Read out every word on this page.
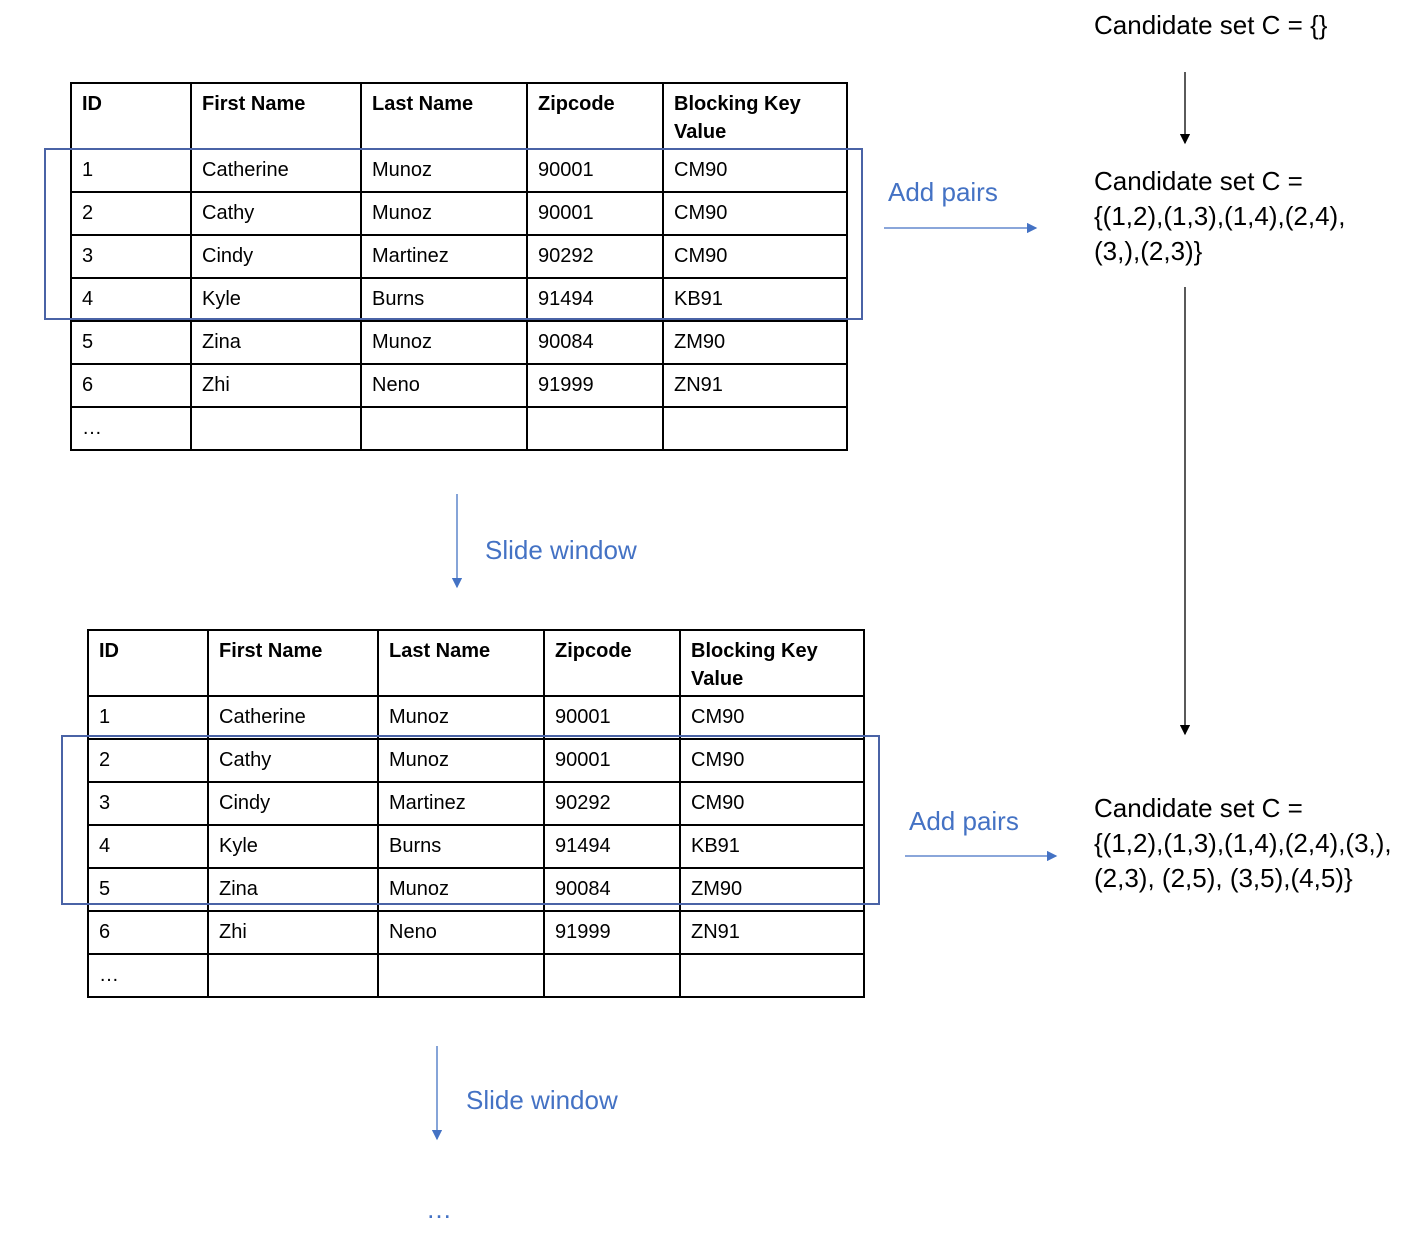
ID	First Name	Last Name	Zipcode	Blocking Key Value
1	Catherine	Munoz	90001	CM90
2	Cathy	Munoz	90001	CM90
3	Cindy	Martinez	90292	CM90
4	Kyle	Burns	91494	KB91
5	Zina	Munoz	90084	ZM90
6	Zhi	Neno	91999	ZN91
…				
ID	First Name	Last Name	Zipcode	Blocking Key Value
1	Catherine	Munoz	90001	CM90
2	Cathy	Munoz	90001	CM90
3	Cindy	Martinez	90292	CM90
4	Kyle	Burns	91494	KB91
5	Zina	Munoz	90084	ZM90
6	Zhi	Neno	91999	ZN91
…				
Add pairs
Add pairs
Slide window
Slide window
…
Candidate set C = {}
Candidate set C =
{(1,2),(1,3),(1,4),(2,4),
(3,),(2,3)}
Candidate set C =
{(1,2),(1,3),(1,4),(2,4),(3,),
(2,3), (2,5), (3,5),(4,5)}
